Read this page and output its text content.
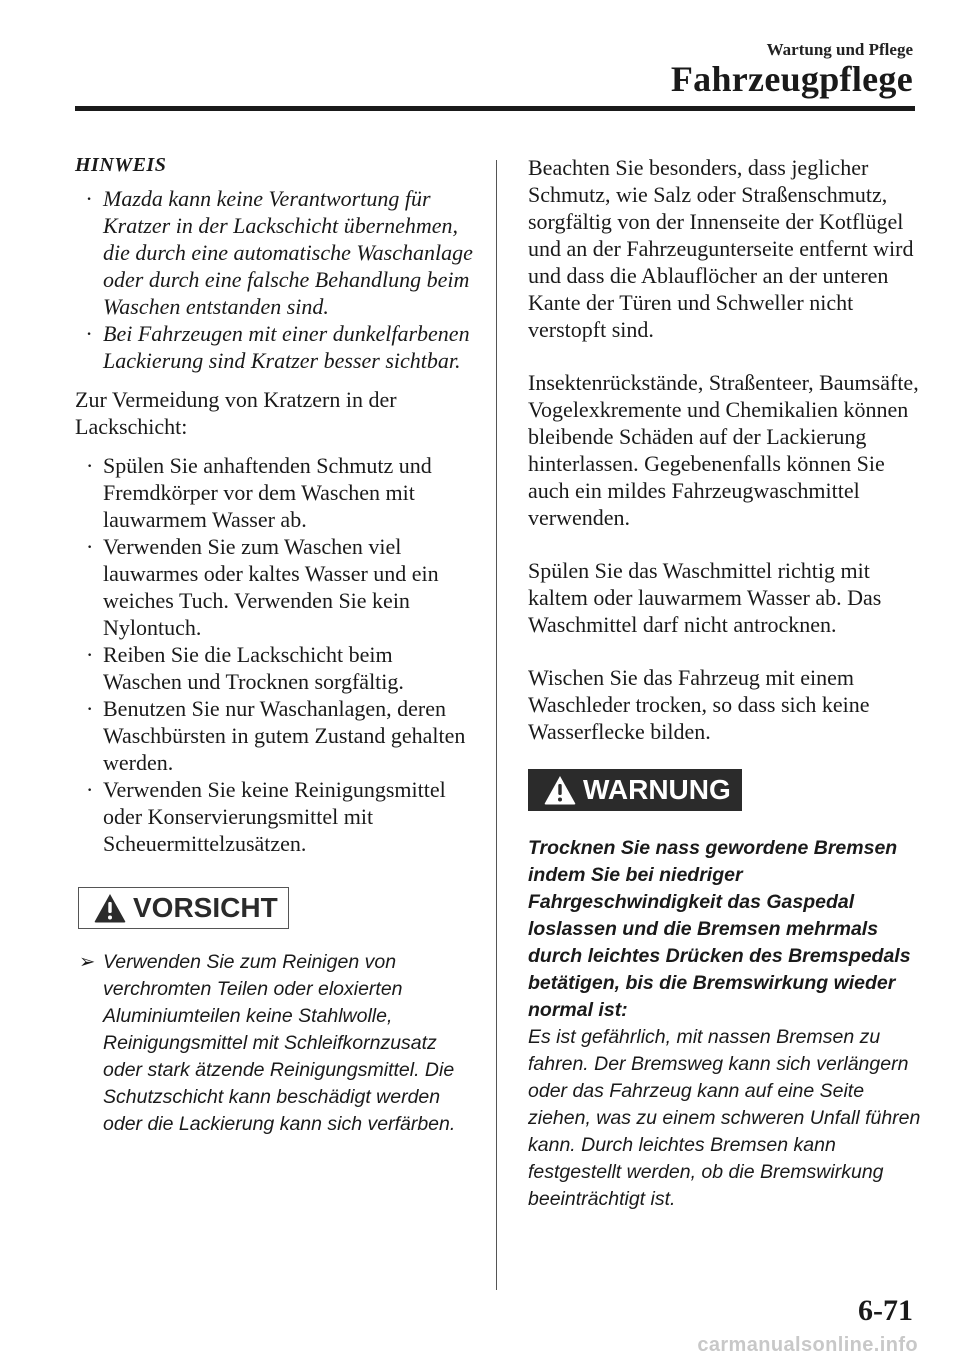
Wartung und Pflege
Fahrzeugpflege
HINWEIS
· Mazda kann keine Verantwortung für Kratzer in der Lackschicht übernehmen, die durch eine automatische Waschanlage oder durch eine falsche Behandlung beim Waschen entstanden sind.
· Bei Fahrzeugen mit einer dunkelfarbenen Lackierung sind Kratzer besser sichtbar.

Zur Vermeidung von Kratzern in der Lackschicht:

· Spülen Sie anhaftenden Schmutz und Fremdkörper vor dem Waschen mit lauwarmem Wasser ab.
· Verwenden Sie zum Waschen viel lauwarmes oder kaltes Wasser und ein weiches Tuch. Verwenden Sie kein Nylontuch.
· Reiben Sie die Lackschicht beim Waschen und Trocknen sorgfältig.
· Benutzen Sie nur Waschanlagen, deren Waschbürsten in gutem Zustand gehalten werden.
· Verwenden Sie keine Reinigungsmittel oder Konservierungsmittel mit Scheuermittelzusätzen.
VORSICHT
➢ Verwenden Sie zum Reinigen von verchromten Teilen oder eloxierten Aluminiumteilen keine Stahlwolle, Reinigungsmittel mit Schleifkornzusatz oder stark ätzende Reinigungsmittel. Die Schutzschicht kann beschädigt werden oder die Lackierung kann sich verfärben.

Beachten Sie besonders, dass jeglicher Schmutz, wie Salz oder Straßenschmutz, sorgfältig von der Innenseite der Kotflügel und an der Fahrzeugunterseite entfernt wird und dass die Ablauflöcher an der unteren Kante der Türen und Schweller nicht verstopft sind.

Insektenrückstände, Straßenteer, Baumsäfte, Vogelexkremente und Chemikalien können bleibende Schäden auf der Lackierung hinterlassen. Gegebenenfalls können Sie auch ein mildes Fahrzeugwaschmittel verwenden.

Spülen Sie das Waschmittel richtig mit kaltem oder lauwarmem Wasser ab. Das Waschmittel darf nicht antrocknen.

Wischen Sie das Fahrzeug mit einem Waschleder trocken, so dass sich keine Wasserflecke bilden.

WARNUNG

Trocknen Sie nass gewordene Bremsen indem Sie bei niedriger Fahrgeschwindigkeit das Gaspedal loslassen und die Bremsen mehrmals durch leichtes Drücken des Bremspedals betätigen, bis die Bremswirkung wieder normal ist:

Es ist gefährlich, mit nassen Bremsen zu fahren. Der Bremsweg kann sich verlängern oder das Fahrzeug kann auf eine Seite ziehen, was zu einem schweren Unfall führen kann. Durch leichtes Bremsen kann festgestellt werden, ob die Bremswirkung beeinträchtigt ist.

6-71
carmanualsonline.info
